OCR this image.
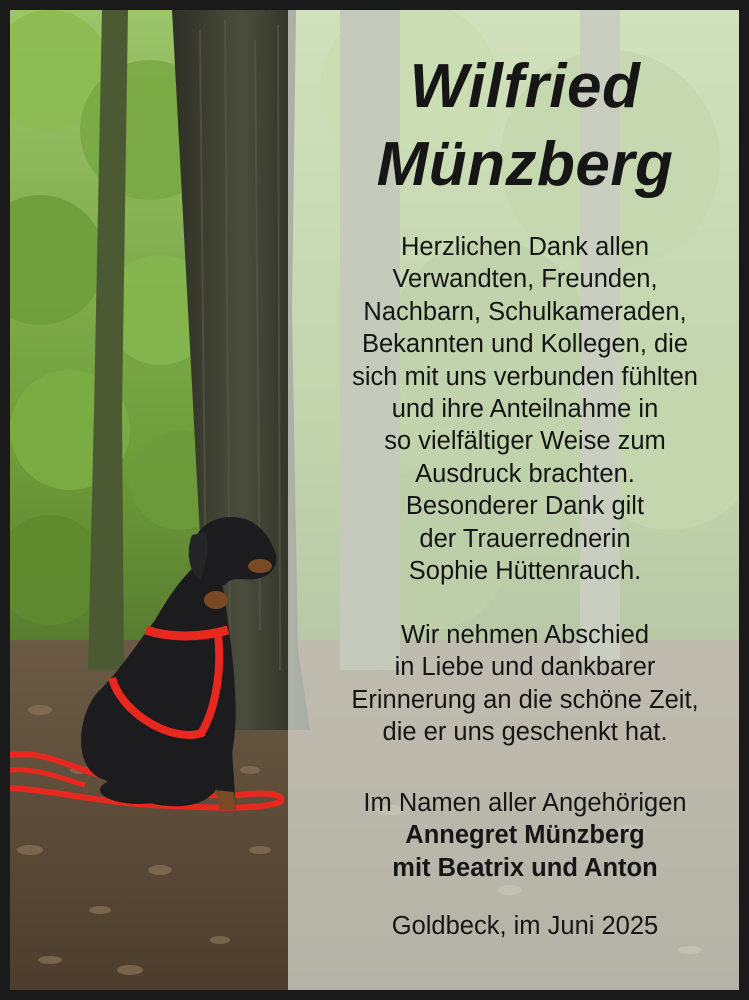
Wilfried
Münzberg

Herzlichen Dank allen
Verwandten, Freunden,
Nachbarn, Schulkameraden,
Bekannten und Kollegen, die
sich mit uns verbunden fühlten
und ihre Anteilnahme in
so vielfältiger Weise zum
Ausdruck brachten.
Besonderer Dank gilt
der Trauerrednerin
Sophie Hüttenrauch.

Wir nehmen Abschied
in Liebe und dankbarer
Erinnerung an die schöne Zeit,
die er uns geschenkt hat.

Im Namen aller Angehörigen
Annegret Münzberg
mit Beatrix und Anton

Goldbeck, im Juni 2025
